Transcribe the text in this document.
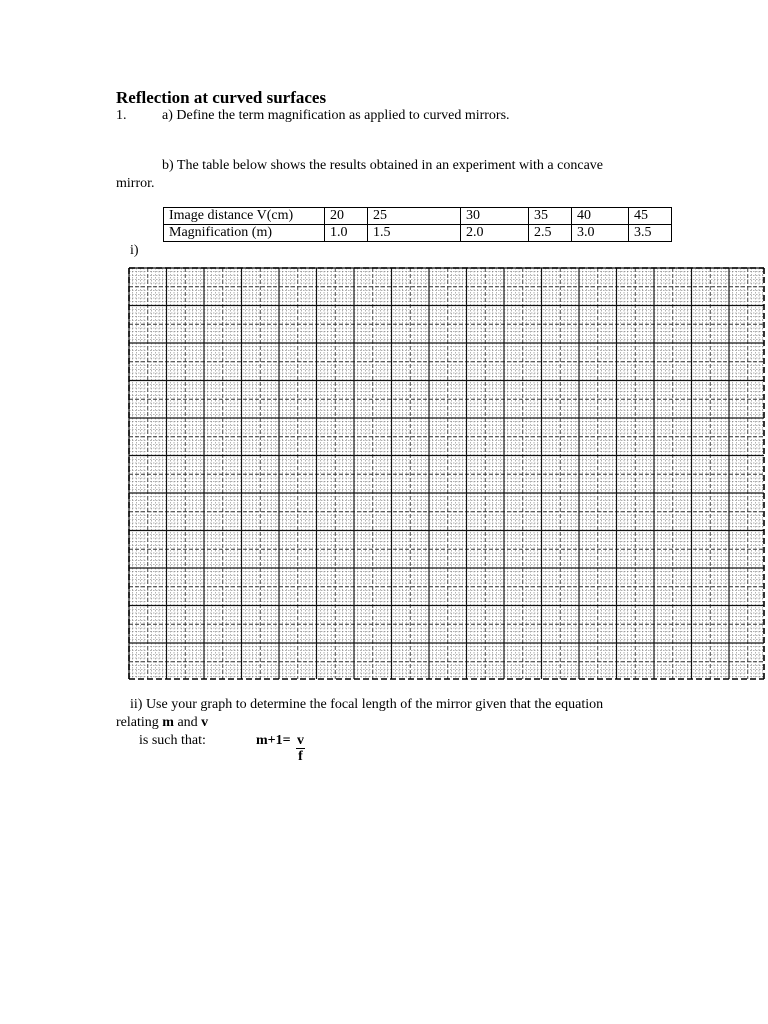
Reflection at curved surfaces
1.	a) Define the term magnification as applied to curved mirrors.
b) The table below shows the results obtained in an experiment with a concave
mirror.
Image distance V(cm)	20	25	30	35	40	45
Magnification (m)	1.0	1.5	2.0	2.5	3.0	3.5
i)
ii) Use your graph to determine the focal length of the mirror given that the equation
relating m and v
is such that:	$m+1= \frac{v}{f}$
